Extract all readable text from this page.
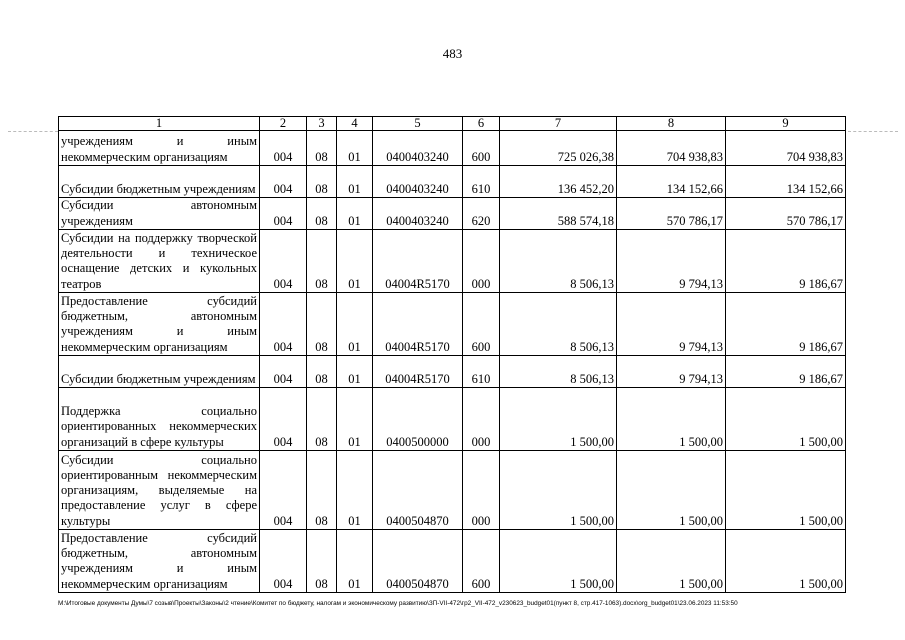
483
1	2	3	4	5	6	7	8	9
учреждениям и иным некоммерческим организациям	004	08	01	0400403240	600	725 026,38	704 938,83	704 938,83
Субсидии бюджетным учреждениям	004	08	01	0400403240	610	136 452,20	134 152,66	134 152,66
Субсидии автономным учреждениям	004	08	01	0400403240	620	588 574,18	570 786,17	570 786,17
Субсидии на поддержку творческой деятельности и техническое оснащение детских и кукольных театров	004	08	01	04004R5170	000	8 506,13	9 794,13	9 186,67
Предоставление субсидий бюджетным, автономным учреждениям и иным некоммерческим организациям	004	08	01	04004R5170	600	8 506,13	9 794,13	9 186,67
Субсидии бюджетным учреждениям	004	08	01	04004R5170	610	8 506,13	9 794,13	9 186,67
Поддержка социально ориентированных некоммерческих организаций в сфере культуры	004	08	01	0400500000	000	1 500,00	1 500,00	1 500,00
Субсидии социально ориентированным некоммерческим организациям, выделяемые на предоставление услуг в сфере культуры	004	08	01	0400504870	000	1 500,00	1 500,00	1 500,00
Предоставление субсидий бюджетным, автономным учреждениям и иным некоммерческим организациям	004	08	01	0400504870	600	1 500,00	1 500,00	1 500,00
M:\Итоговые документы Думы\7 созыв\Проекты\Законы\2 чтение\Комитет по бюджету, налогам и экономическому развитию\ЗП-VII-472\гр2_VII-472_v230623_budget01(пункт 8, стр.417-1063).docx\org_budget01\23.06.2023 11:53:50
